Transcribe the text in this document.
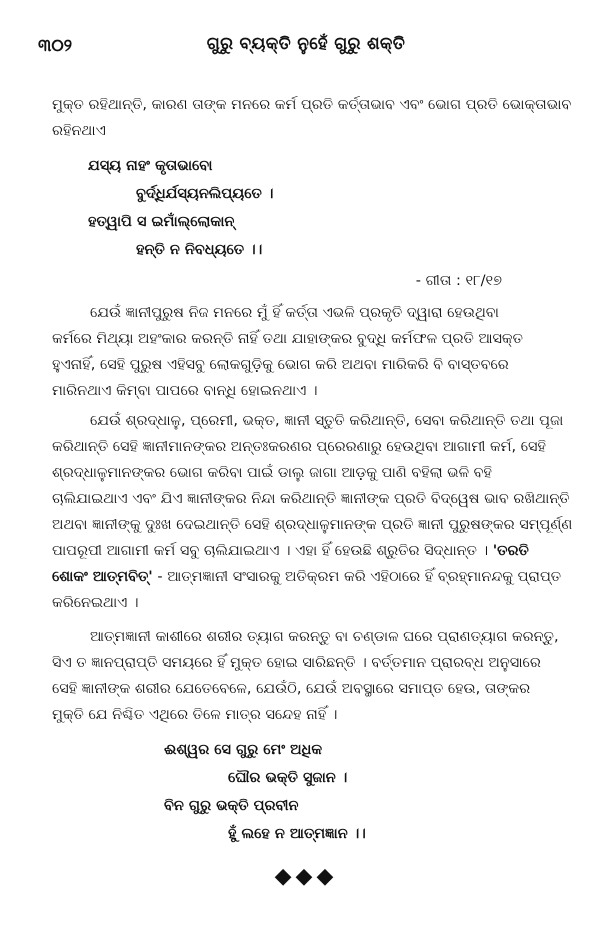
୩୦୨	ଗୁରୁ ବ୍ୟକ୍ତି ନୁହେଁ ଗୁରୁ ଶକ୍ତି
ମୁକ୍ତ ରହିଥାନ୍ତି, କାରଣ ତାଙ୍କ ମନରେ କର୍ମ ପ୍ରତି କର୍ତ୍ତାଭାବ ଏବଂ ଭୋଗ ପ୍ରତି ଭୋକ୍ତାଭାବ
ରହିନଥାଏ
ଯସ୍ୟ ନାହଂ କୃତାଭାବୋ
ବୁର୍ଦ୍ଧିର୍ଯସ୍ୟନଲିପ୍ୟତେ ।
ହତ୍ୱାପି ସ ଇମାଁଲ୍ଲୋକାନ୍
ହନ୍ତି ନ ନିବଧ୍ୟତେ ।।
- ଗୀତା : ୧୮/୧୭
ଯେଉଁ ଜ୍ଞାନୀପୁରୁଷ ନିଜ ମନରେ ମୁଁ ହିଁ କର୍ତ୍ତା ଏଭଳି ପ୍ରକୃତି ଦ୍ୱାରା ହେଉଥିବା
କର୍ମରେ ମିଥ୍ୟା ଅହଂକାର କରନ୍ତି ନାହିଁ ତଥା ଯାହାଙ୍କର ବୁଦ୍ଧି କର୍ମଫଳ ପ୍ରତି ଆସକ୍ତ
ହୁଏନାହିଁ, ସେହି ପୁରୁଷ ଏହିସବୁ ଲୋକଗୁଡ଼ିକୁ ଭୋଗ କରି ଅଥବା ମାରିକରି ବି ବାସ୍ତବରେ
ମାରିନଥାଏ କିମ୍ବା ପାପରେ ବାନ୍ଧି ହୋଇନଥାଏ ।
ଯେଉଁ ଶ୍ରଦ୍ଧାଳୁ, ପ୍ରେମୀ, ଭକ୍ତ, ଜ୍ଞାନୀ ସ୍ତୁତି କରିଥାନ୍ତି, ସେବା କରିଥାନ୍ତି ତଥା ପୂଜା
କରିଥାନ୍ତି ସେହି ଜ୍ଞାନୀମାନଙ୍କର ଅନ୍ତଃକରଣର ପ୍ରେରଣାରୁ ହେଉଥିବା ଆଗାମୀ କର୍ମ, ସେହି
ଶ୍ରଦ୍ଧାଳୁମାନଙ୍କର ଭୋଗ କରିବା ପାଇଁ ଡାଲୁ ଜାଗା ଆଡ଼କୁ ପାଣି ବହିଲା ଭଳି ବହି
ଚାଲିଯାଇଥାଏ ଏବଂ ଯିଏ ଜ୍ଞାନୀଙ୍କର ନିନ୍ଦା କରିଥାନ୍ତି ଜ୍ଞାନୀଙ୍କ ପ୍ରତି ବିଦ୍ୱେଷ ଭାବ ରଖିଥାନ୍ତି
ଅଥବା ଜ୍ଞାନୀଙ୍କୁ ଦୁଃଖ ଦେଇଥାନ୍ତି ସେହି ଶ୍ରଦ୍ଧାଳୁମାନଙ୍କ ପ୍ରତି ଜ୍ଞାନୀ ପୁରୁଷଙ୍କର ସମ୍ପୂର୍ଣ୍ଣ
ପାପରୂପୀ ଆଗାମୀ କର୍ମ ସବୁ ଚାଲିଯାଇଥାଏ । ଏହା ହିଁ ହେଉଛି ଶ୍ରୁତିର ସିଦ୍ଧାନ୍ତ । 'ତରତି
ଶୋକଂ ଆତ୍ମବିତ୍' - ଆତ୍ମଜ୍ଞାନୀ ସଂସାରକୁ ଅତିକ୍ରମ କରି ଏହିଠାରେ ହିଁ ବ୍ରହ୍ମାନନ୍ଦକୁ ପ୍ରାପ୍ତ
କରିନେଇଥାଏ ।
ଆତ୍ମଜ୍ଞାନୀ କାଶୀରେ ଶରୀର ତ୍ୟାଗ କରନ୍ତୁ ବା ଚଣ୍ଡାଳ ଘରେ ପ୍ରାଣତ୍ୟାଗ କରନ୍ତୁ,
ସିଏ ତ ଜ୍ଞାନପ୍ରାପ୍ତି ସମୟରେ ହିଁ ମୁକ୍ତ ହୋଇ ସାରିଛନ୍ତି । ବର୍ତ୍ତମାନ ପ୍ରାରବ୍ଧ ଅନୁସାରେ
ସେହି ଜ୍ଞାନୀଙ୍କ ଶରୀର ଯେତେବେଳେ, ଯେଉଁଠି, ଯେଉଁ ଅବସ୍ଥାରେ ସମାପ୍ତ ହେଉ, ତାଙ୍କର
ମୁକ୍ତି ଯେ ନିଶ୍ଚିତ ଏଥିରେ ତିଳେ ମାତ୍ର ସନ୍ଦେହ ନାହିଁ ।
ଈଶ୍ୱର ସେ ଗୁରୁ ମେଂ ଅଧିକ
ଘୌର ଭକ୍ତି ସୁଜାନ ।
ବିନ ଗୁରୁ ଭକ୍ତି ପ୍ରବୀନ
ହୁଁ ଲହେ ନ ଆତ୍ମଜ୍ଞାନ ।।
◆◆◆
